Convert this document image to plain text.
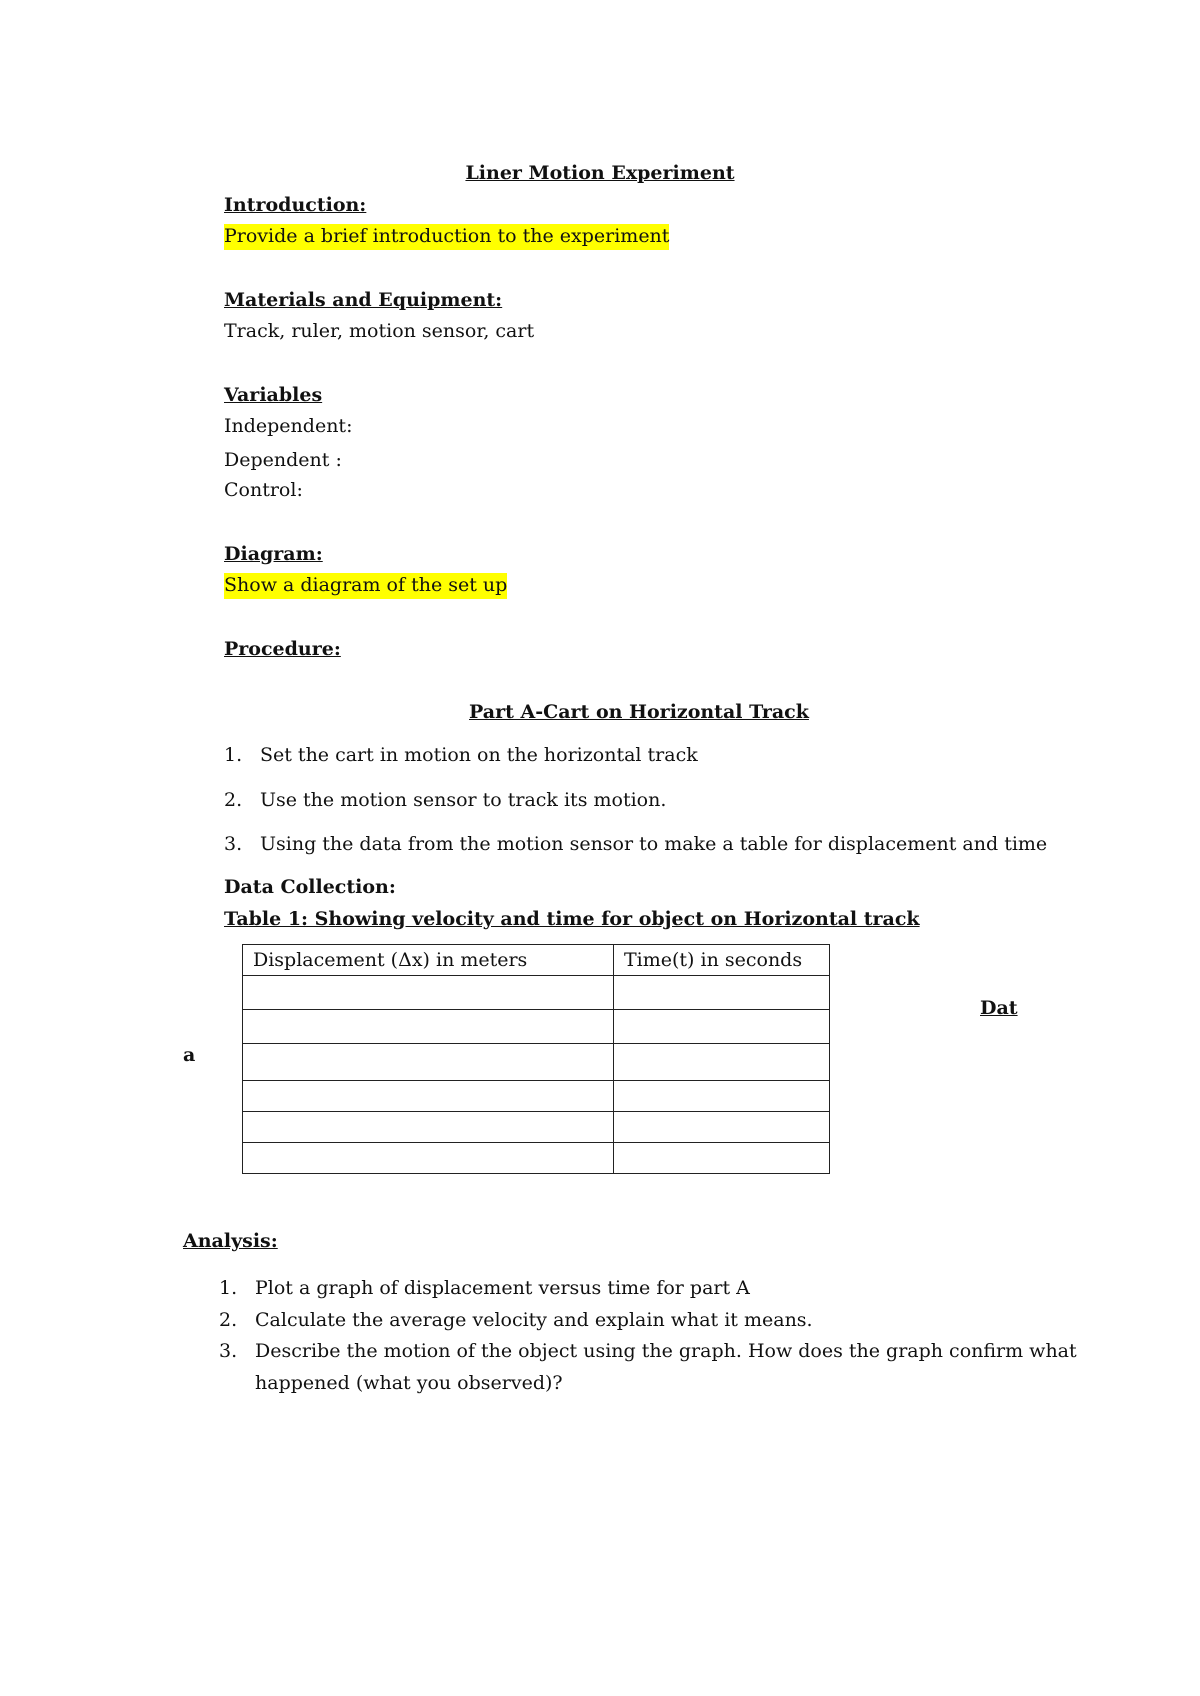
Liner Motion Experiment
Introduction:
Provide a brief introduction to the experiment
Materials and Equipment:
Track, ruler, motion sensor, cart
Variables
Independent:
Dependent :
Control:
Diagram:
Show a diagram of the set up
Procedure:
Part A-Cart on Horizontal Track
1. Set the cart in motion on the horizontal track
2. Use the motion sensor to track its motion.
3. Using the data from the motion sensor to make a table for displacement and time
Data Collection:
Table 1: Showing velocity and time for object on Horizontal track
Displacement (Δx) in meters	Time(t) in seconds

Dat
a
Analysis:
1. Plot a graph of displacement versus time for part A
2. Calculate the average velocity and explain what it means.
3. Describe the motion of the object using the graph. How does the graph confirm what
happened (what you observed)?
